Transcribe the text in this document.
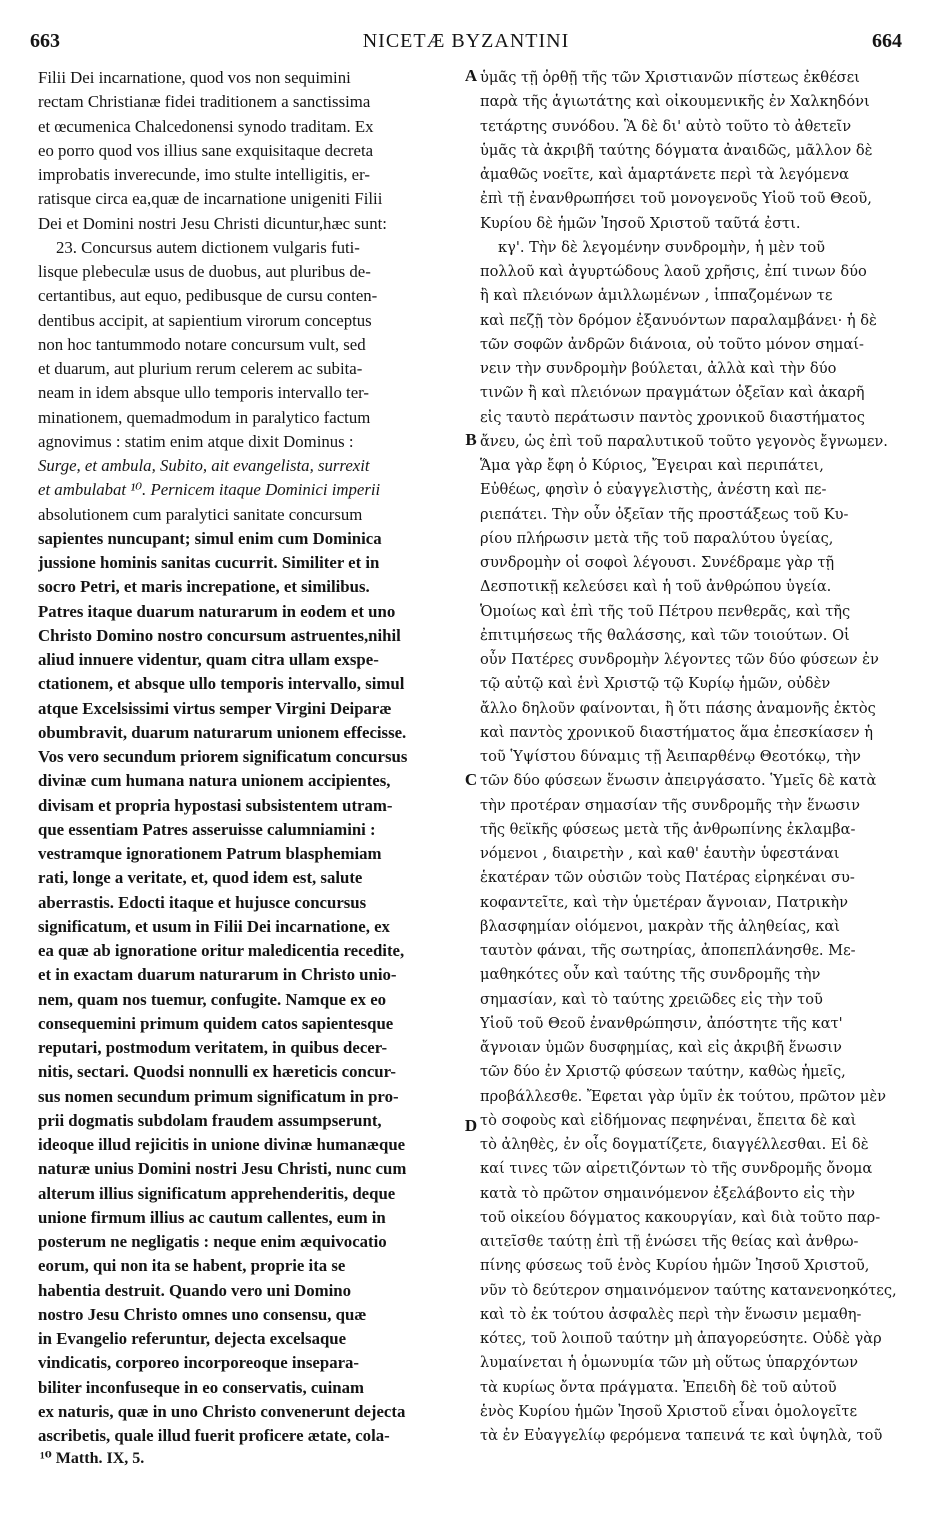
663	NICETÆ BYZANTINI	664
Filii Dei incarnatione, quod vos non sequimini
rectam Christianæ fidei traditionem a sanctissima
et œcumenica Chalcedonensi synodo traditam. Ex
eo porro quod vos illius sane exquisitaque decreta
improbatis inverecunde, imo stulte intelligitis, er-
ratisque circa ea,quæ de incarnatione unigeniti Filii
Dei et Domini nostri Jesu Christi dicuntur,hæc sunt:
23. Concursus autem dictionem vulgaris futi-
lisque plebeculæ usus de duobus, aut pluribus de-
certantibus, aut equo, pedibusque de cursu conten-
dentibus accipit, at sapientium virorum conceptus
non hoc tantummodo notare concursum vult, sed
et duarum, aut plurium rerum celerem ac subita-
neam in idem absque ullo temporis intervallo ter-
minationem, quemadmodum in paralytico factum
agnovimus : statim enim atque dixit Dominus :
Surge, et ambula, Subito, ait evangelista, surrexit
et ambulabat ¹⁰. Pernicem itaque Dominici imperii
absolutionem cum paralytici sanitate concursum
sapientes nuncupant; simul enim cum Dominica
jussione hominis sanitas cucurrit. Similiter et in
socro Petri, et maris increpatione, et similibus.
Patres itaque duarum naturarum in eodem et uno
Christo Domino nostro concursum astruentes,nihil
aliud innuere videntur, quam citra ullam exspe-
ctationem, et absque ullo temporis intervallo, simul
atque Excelsissimi virtus semper Virgini Deiparæ
obumbravit, duarum naturarum unionem effecisse.
Vos vero secundum priorem significatum concursus
divinæ cum humana natura unionem accipientes,
divisam et propria hypostasi subsistentem utram-
que essentiam Patres asseruisse calumniamini :
vestramque ignorationem Patrum blasphemiam
rati, longe a veritate, et, quod idem est, salute
aberrastis. Edocti itaque et hujusce concursus
significatum, et usum in Filii Dei incarnatione, ex
ea quæ ab ignoratione oritur maledicentia recedite,
et in exactam duarum naturarum in Christo unio-
nem, quam nos tuemur, confugite. Namque ex eo
consequemini primum quidem catos sapientesque
reputari, postmodum veritatem, in quibus decer-
nitis, sectari. Quodsi nonnulli ex hæreticis concur-
sus nomen secundum primum significatum in pro-
prii dogmatis subdolam fraudem assumpserunt,
ideoque illud rejicitis in unione divinæ humanæque
naturæ unius Domini nostri Jesu Christi, nunc cum
alterum illius significatum apprehenderitis, deque
unione firmum illius ac cautum callentes, eum in
posterum ne negligatis : neque enim æquivocatio
eorum, qui non ita se habent, proprie ita se
habentia destruit. Quando vero uni Domino
nostro Jesu Christo omnes uno consensu, quæ
in Evangelio referuntur, dejecta excelsaque
vindicatis, corporeo incorporeoque insepara-
biliter inconfuseque in eo conservatis, cuinam
ex naturis, quæ in uno Christo convenerunt dejecta
ascribetis, quale illud fuerit proficere ætate, cola-
ὑμᾶς τῇ ὀρθῇ τῆς τῶν Χριστιανῶν πίστεως ἐκθέσει
παρὰ τῆς ἁγιωτάτης καὶ οἰκουμενικῆς ἐν Χαλκηδόνι
τετάρτης συνόδου. Ἃ δὲ δι' αὐτὸ τοῦτο τὸ ἀθετεῖν
ὑμᾶς τὰ ἀκριβῆ ταύτης δόγματα ἀναιδῶς, μᾶλλον δὲ
ἀμαθῶς νοεῖτε, καὶ ἁμαρτάνετε περὶ τὰ λεγόμενα
ἐπὶ τῇ ἐνανθρωπήσει τοῦ μονογενοῦς Υἱοῦ τοῦ Θεοῦ,
Κυρίου δὲ ἡμῶν Ἰησοῦ Χριστοῦ ταῦτά ἐστι.
κγ'. Τὴν δὲ λεγομένην συνδρομὴν, ἡ μὲν τοῦ
πολλοῦ καὶ ἀγυρτώδους λαοῦ χρῆσις, ἐπί τινων δύο
ἢ καὶ πλειόνων ἁμιλλωμένων , ἱππαζομένων τε
καὶ πεζῇ τὸν δρόμον ἐξανυόντων παραλαμβάνει· ἡ δὲ
τῶν σοφῶν ἀνδρῶν διάνοια, οὐ τοῦτο μόνον σημαί-
νειν τὴν συνδρομὴν βούλεται, ἀλλὰ καὶ τὴν δύο
τινῶν ἢ καὶ πλειόνων πραγμάτων ὀξεῖαν καὶ ἀκαρῆ
εἰς ταυτὸ περάτωσιν παντὸς χρονικοῦ διαστήματος
ἄνευ, ὡς ἐπὶ τοῦ παραλυτικοῦ τοῦτο γεγονὸς ἔγνωμεν.
Ἅμα γὰρ ἔφη ὁ Κύριος, Ἔγειραι καὶ περιπάτει,
Εὐθέως, φησὶν ὁ εὐαγγελιστὴς, ἀνέστη καὶ πε-
ριεπάτει. Τὴν οὖν ὀξεῖαν τῆς προστάξεως τοῦ Κυ-
ρίου πλήρωσιν μετὰ τῆς τοῦ παραλύτου ὑγείας,
συνδρομὴν οἱ σοφοὶ λέγουσι. Συνέδραμε γὰρ τῇ
Δεσποτικῇ κελεύσει καὶ ἡ τοῦ ἀνθρώπου ὑγεία.
Ὁμοίως καὶ ἐπὶ τῆς τοῦ Πέτρου πενθερᾶς, καὶ τῆς
ἐπιτιμήσεως τῆς θαλάσσης, καὶ τῶν τοιούτων. Οἱ
οὖν Πατέρες συνδρομὴν λέγοντες τῶν δύο φύσεων ἐν
τῷ αὐτῷ καὶ ἑνὶ Χριστῷ τῷ Κυρίῳ ἡμῶν, οὐδὲν
ἄλλο δηλοῦν φαίνονται, ἢ ὅτι πάσης ἀναμονῆς ἐκτὸς
καὶ παντὸς χρονικοῦ διαστήματος ἅμα ἐπεσκίασεν ἡ
τοῦ Ὑψίστου δύναμις τῇ Ἀειπαρθένῳ Θεοτόκῳ, τὴν
τῶν δύο φύσεων ἕνωσιν ἀπειργάσατο. Ὑμεῖς δὲ κατὰ
τὴν προτέραν σημασίαν τῆς συνδρομῆς τὴν ἕνωσιν
τῆς θεϊκῆς φύσεως μετὰ τῆς ἀνθρωπίνης ἐκλαμβα-
νόμενοι , διαιρετὴν , καὶ καθ' ἑαυτὴν ὑφεστάναι
ἑκατέραν τῶν οὐσιῶν τοὺς Πατέρας εἰρηκέναι συ-
κοφαντεῖτε, καὶ τὴν ὑμετέραν ἄγνοιαν, Πατρικὴν
βλασφημίαν οἰόμενοι, μακρὰν τῆς ἀληθείας, καὶ
ταυτὸν φάναι, τῆς σωτηρίας, ἀποπεπλάνησθε. Με-
μαθηκότες οὖν καὶ ταύτης τῆς συνδρομῆς τὴν
σημασίαν, καὶ τὸ ταύτης χρειῶδες εἰς τὴν τοῦ
Υἱοῦ τοῦ Θεοῦ ἐνανθρώπησιν, ἀπόστητε τῆς κατ'
ἄγνοιαν ὑμῶν δυσφημίας, καὶ εἰς ἀκριβῆ ἕνωσιν
τῶν δύο ἐν Χριστῷ φύσεων ταύτην, καθὼς ἡμεῖς,
προβάλλεσθε. Ἔφεται γὰρ ὑμῖν ἐκ τούτου, πρῶτον μὲν
τὸ σοφοὺς καὶ εἰδήμονας πεφηνέναι, ἔπειτα δὲ καὶ
τὸ ἀληθὲς, ἐν οἷς δογματίζετε, διαγγέλλεσθαι. Εἰ δὲ
καί τινες τῶν αἱρετιζόντων τὸ τῆς συνδρομῆς ὄνομα
κατὰ τὸ πρῶτον σημαινόμενον ἐξελάβοντο εἰς τὴν
τοῦ οἰκείου δόγματος κακουργίαν, καὶ διὰ τοῦτο παρ-
αιτεῖσθε ταύτῃ ἐπὶ τῇ ἑνώσει τῆς θείας καὶ ἀνθρω-
πίνης φύσεως τοῦ ἑνὸς Κυρίου ἡμῶν Ἰησοῦ Χριστοῦ,
νῦν τὸ δεύτερον σημαινόμενον ταύτης κατανενοηκότες,
καὶ τὸ ἐκ τούτου ἀσφαλὲς περὶ τὴν ἕνωσιν μεμαθη-
κότες, τοῦ λοιποῦ ταύτην μὴ ἀπαγορεύσητε. Οὐδὲ γὰρ
λυμαίνεται ἡ ὁμωνυμία τῶν μὴ οὕτως ὑπαρχόντων
τὰ κυρίως ὄντα πράγματα. Ἐπειδὴ δὲ τοῦ αὐτοῦ
ἑνὸς Κυρίου ἡμῶν Ἰησοῦ Χριστοῦ εἶναι ὁμολογεῖτε
τὰ ἐν Εὐαγγελίῳ φερόμενα ταπεινά τε καὶ ὑψηλὰ, τοῦ
A
B
C
D
¹⁰ Matth. IX, 5.
